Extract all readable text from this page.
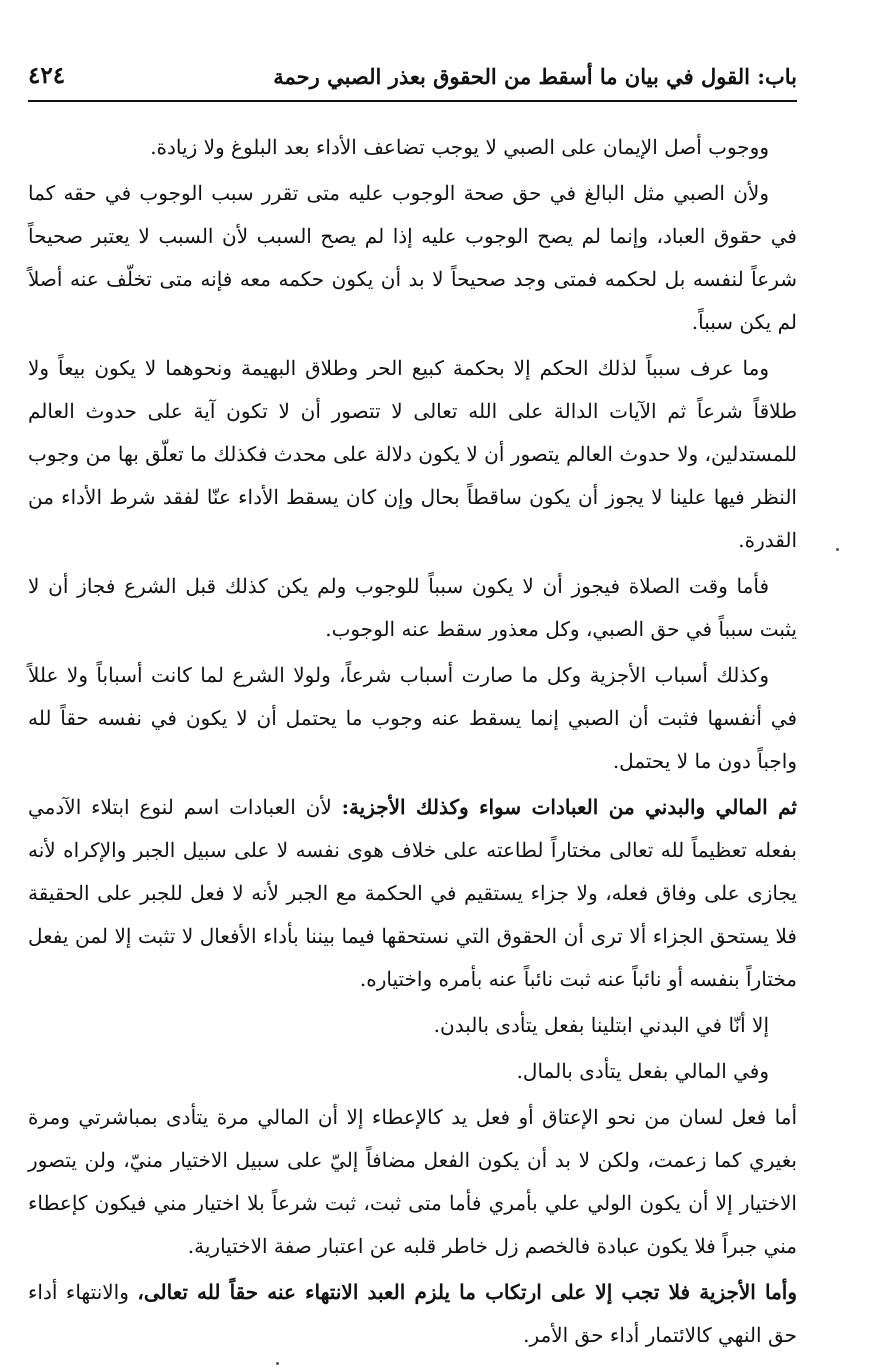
باب: القول في بيان ما أسقط من الحقوق بعذر الصبي رحمة
٤٢٤

ووجوب أصل الإيمان على الصبي لا يوجب تضاعف الأداء بعد البلوغ ولا زيادة.

ولأن الصبي مثل البالغ في حق صحة الوجوب عليه متى تقرر سبب الوجوب في حقه كما في حقوق العباد، وإنما لم يصح الوجوب عليه إذا لم يصح السبب لأن السبب لا يعتبر صحيحاً شرعاً لنفسه بل لحكمه فمتى وجد صحيحاً لا بد أن يكون حكمه معه فإنه متى تخلّف عنه أصلاً لم يكن سبباً.

وما عرف سبباً لذلك الحكم إلا بحكمة كبيع الحر وطلاق البهيمة ونحوهما لا يكون بيعاً ولا طلاقاً شرعاً ثم الآيات الدالة على الله تعالى لا تتصور أن لا تكون آية على حدوث العالم للمستدلين، ولا حدوث العالم يتصور أن لا يكون دلالة على محدث فكذلك ما تعلّق بها من وجوب النظر فيها علينا لا يجوز أن يكون ساقطاً بحال وإن كان يسقط الأداء عنّا لفقد شرط الأداء من القدرة.

فأما وقت الصلاة فيجوز أن لا يكون سبباً للوجوب ولم يكن كذلك قبل الشرع فجاز أن لا يثبت سبباً في حق الصبي، وكل معذور سقط عنه الوجوب.

وكذلك أسباب الأجزية وكل ما صارت أسباب شرعاً، ولولا الشرع لما كانت أسباباً ولا عللاً في أنفسها فثبت أن الصبي إنما يسقط عنه وجوب ما يحتمل أن لا يكون في نفسه حقاً لله واجباً دون ما لا يحتمل.

ثم المالي والبدني من العبادات سواء وكذلك الأجزية: لأن العبادات اسم لنوع ابتلاء الآدمي بفعله تعظيماً لله تعالى مختاراً لطاعته على خلاف هوى نفسه لا على سبيل الجبر والإكراه لأنه يجازى على وفاق فعله، ولا جزاء يستقيم في الحكمة مع الجبر لأنه لا فعل للجبر على الحقيقة فلا يستحق الجزاء ألا ترى أن الحقوق التي نستحقها فيما بيننا بأداء الأفعال لا تثبت إلا لمن يفعل مختاراً بنفسه أو نائباً عنه ثبت نائباً عنه بأمره واختياره.

إلا أنّا في البدني ابتلينا بفعل يتأدى بالبدن.

وفي المالي بفعل يتأدى بالمال.

أما فعل لسان من نحو الإعتاق أو فعل يد كالإعطاء إلا أن المالي مرة يتأدى بمباشرتي ومرة بغيري كما زعمت، ولكن لا بد أن يكون الفعل مضافاً إليّ على سبيل الاختيار منيّ، ولن يتصور الاختيار إلا أن يكون الولي علي بأمري فأما متى ثبت، ثبت شرعاً بلا اختيار مني فيكون كإعطاء مني جبراً فلا يكون عبادة فالخصم زل خاطر قلبه عن اعتبار صفة الاختيارية.

وأما الأجزية فلا تجب إلا على ارتكاب ما يلزم العبد الانتهاء عنه حقاً لله تعالى، والانتهاء أداء حق النهي كالائتمار أداء حق الأمر.
